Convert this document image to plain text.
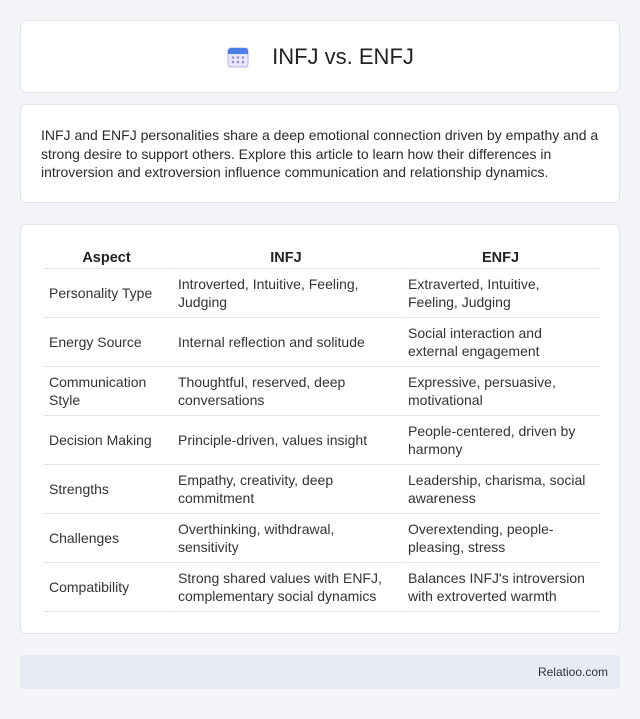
INFJ vs. ENFJ

INFJ and ENFJ personalities share a deep emotional connection driven by empathy and a strong desire to support others. Explore this article to learn how their differences in introversion and extroversion influence communication and relationship dynamics.

Aspect	INFJ	ENFJ
Personality Type	Introverted, Intuitive, Feeling, Judging	Extraverted, Intuitive, Feeling, Judging
Energy Source	Internal reflection and solitude	Social interaction and external engagement
Communication Style	Thoughtful, reserved, deep conversations	Expressive, persuasive, motivational
Decision Making	Principle-driven, values insight	People-centered, driven by harmony
Strengths	Empathy, creativity, deep commitment	Leadership, charisma, social awareness
Challenges	Overthinking, withdrawal, sensitivity	Overextending, people-pleasing, stress
Compatibility	Strong shared values with ENFJ, complementary social dynamics	Balances INFJ's introversion with extroverted warmth
Relatioo.com
